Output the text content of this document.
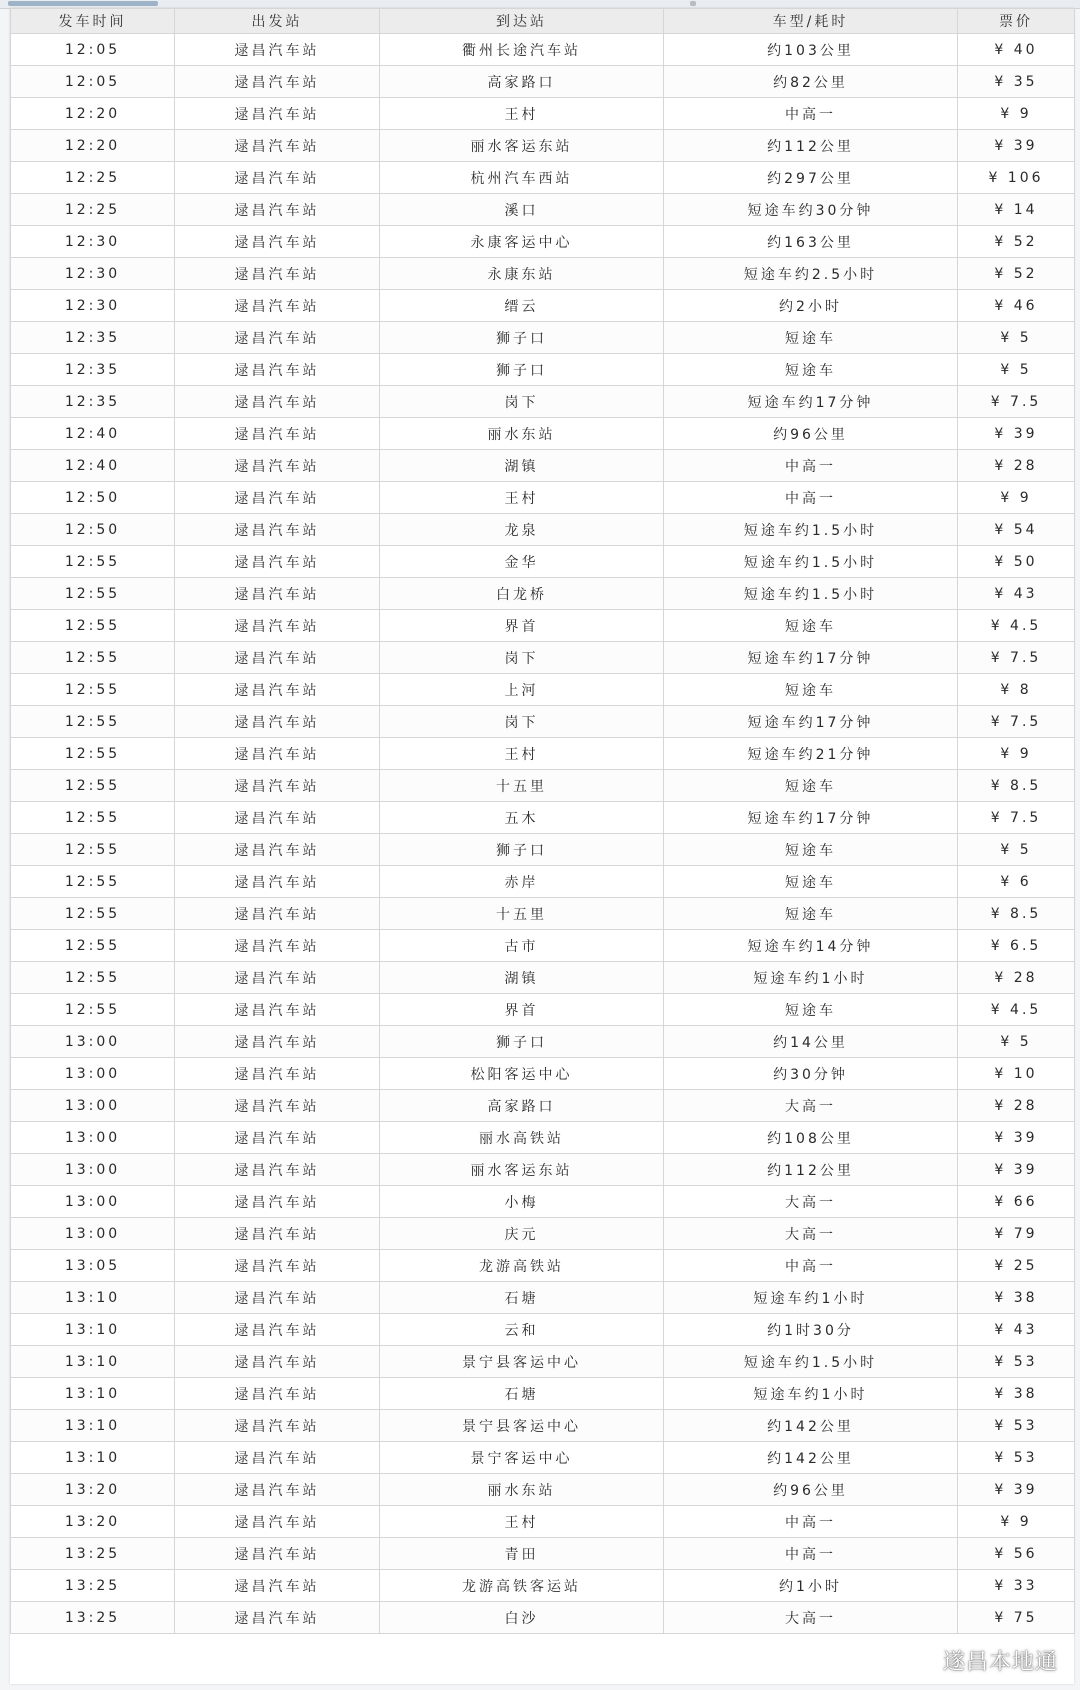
发车时间	出发站	到达站	车型/耗时	票价
12:05	逯昌汽车站	衢州长途汽车站	约103公里	¥ 40
12:05	逯昌汽车站	高家路口	约82公里	¥ 35
12:20	逯昌汽车站	王村	中高一	¥ 9
12:20	逯昌汽车站	丽水客运东站	约112公里	¥ 39
12:25	逯昌汽车站	杭州汽车西站	约297公里	¥ 106
12:25	逯昌汽车站	溪口	短途车约30分钟	¥ 14
12:30	逯昌汽车站	永康客运中心	约163公里	¥ 52
12:30	逯昌汽车站	永康东站	短途车约2.5小时	¥ 52
12:30	逯昌汽车站	缙云	约2小时	¥ 46
12:35	逯昌汽车站	狮子口	短途车	¥ 5
12:35	逯昌汽车站	狮子口	短途车	¥ 5
12:35	逯昌汽车站	岗下	短途车约17分钟	¥ 7.5
12:40	逯昌汽车站	丽水东站	约96公里	¥ 39
12:40	逯昌汽车站	湖镇	中高一	¥ 28
12:50	逯昌汽车站	王村	中高一	¥ 9
12:50	逯昌汽车站	龙泉	短途车约1.5小时	¥ 54
12:55	逯昌汽车站	金华	短途车约1.5小时	¥ 50
12:55	逯昌汽车站	白龙桥	短途车约1.5小时	¥ 43
12:55	逯昌汽车站	界首	短途车	¥ 4.5
12:55	逯昌汽车站	岗下	短途车约17分钟	¥ 7.5
12:55	逯昌汽车站	上河	短途车	¥ 8
12:55	逯昌汽车站	岗下	短途车约17分钟	¥ 7.5
12:55	逯昌汽车站	王村	短途车约21分钟	¥ 9
12:55	逯昌汽车站	十五里	短途车	¥ 8.5
12:55	逯昌汽车站	五木	短途车约17分钟	¥ 7.5
12:55	逯昌汽车站	狮子口	短途车	¥ 5
12:55	逯昌汽车站	赤岸	短途车	¥ 6
12:55	逯昌汽车站	十五里	短途车	¥ 8.5
12:55	逯昌汽车站	古市	短途车约14分钟	¥ 6.5
12:55	逯昌汽车站	湖镇	短途车约1小时	¥ 28
12:55	逯昌汽车站	界首	短途车	¥ 4.5
13:00	逯昌汽车站	狮子口	约14公里	¥ 5
13:00	逯昌汽车站	松阳客运中心	约30分钟	¥ 10
13:00	逯昌汽车站	高家路口	大高一	¥ 28
13:00	逯昌汽车站	丽水高铁站	约108公里	¥ 39
13:00	逯昌汽车站	丽水客运东站	约112公里	¥ 39
13:00	逯昌汽车站	小梅	大高一	¥ 66
13:00	逯昌汽车站	庆元	大高一	¥ 79
13:05	逯昌汽车站	龙游高铁站	中高一	¥ 25
13:10	逯昌汽车站	石塘	短途车约1小时	¥ 38
13:10	逯昌汽车站	云和	约1时30分	¥ 43
13:10	逯昌汽车站	景宁县客运中心	短途车约1.5小时	¥ 53
13:10	逯昌汽车站	石塘	短途车约1小时	¥ 38
13:10	逯昌汽车站	景宁县客运中心	约142公里	¥ 53
13:10	逯昌汽车站	景宁客运中心	约142公里	¥ 53
13:20	逯昌汽车站	丽水东站	约96公里	¥ 39
13:20	逯昌汽车站	王村	中高一	¥ 9
13:25	逯昌汽车站	青田	中高一	¥ 56
13:25	逯昌汽车站	龙游高铁客运站	约1小时	¥ 33
13:25	逯昌汽车站	白沙	大高一	¥ 75
遂昌本地通
